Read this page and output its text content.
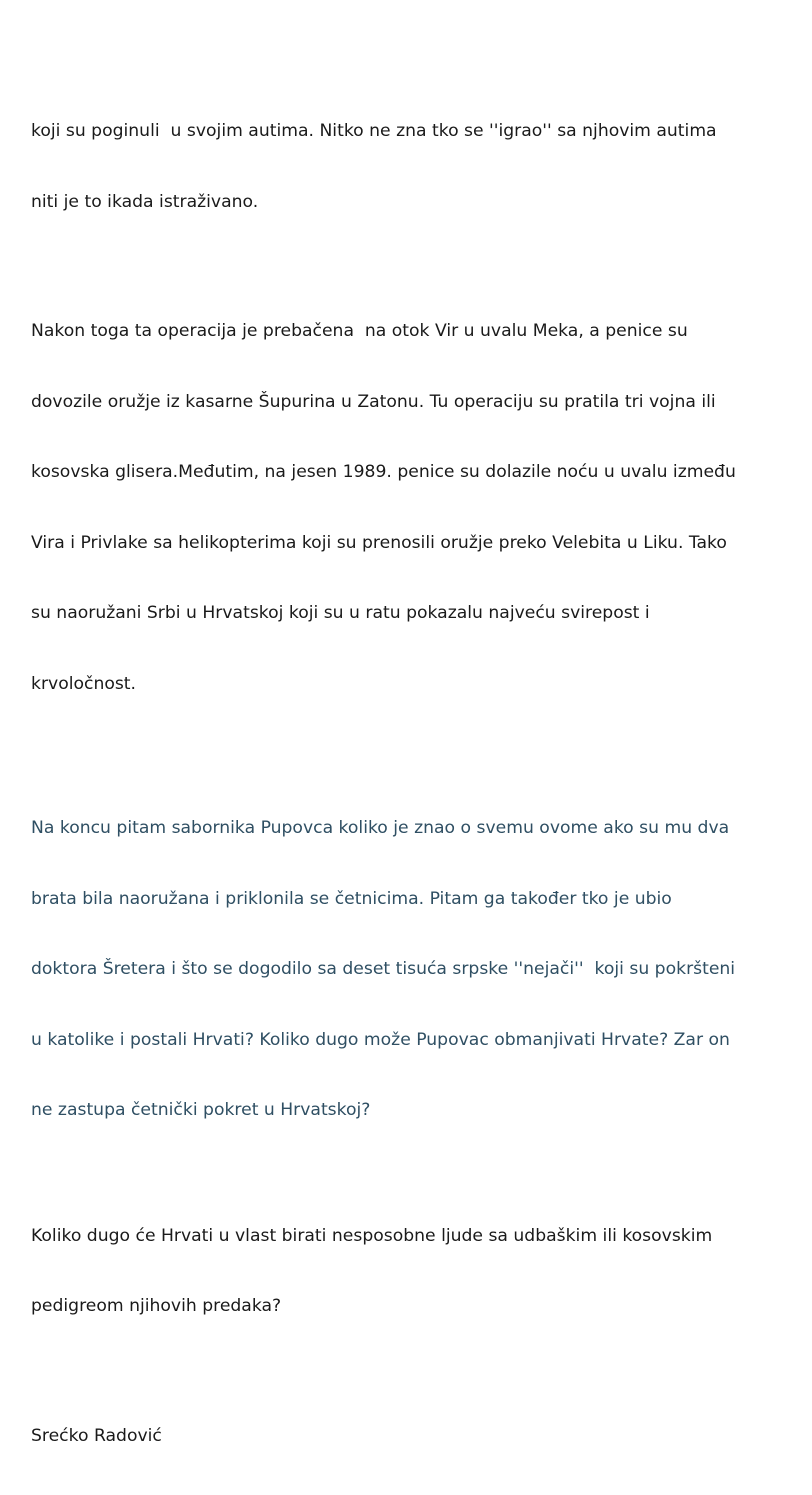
koji su poginuli  u svojim autima. Nitko ne zna tko se ''igrao'' sa njhovim autima

niti je to ikada istraživano.

Nakon toga ta operacija je prebačena  na otok Vir u uvalu Meka, a penice su

dovozile oružje iz kasarne Šupurina u Zatonu. Tu operaciju su pratila tri vojna ili

kosovska glisera.Međutim, na jesen 1989. penice su dolazile noću u uvalu između

Vira i Privlake sa helikopterima koji su prenosili oružje preko Velebita u Liku. Tako

su naoružani Srbi u Hrvatskoj koji su u ratu pokazalu najveću svirepost i

krvoločnost.

Na koncu pitam sabornika Pupovca koliko je znao o svemu ovome ako su mu dva

brata bila naoružana i priklonila se četnicima. Pitam ga također tko je ubio

doktora Šretera i što se dogodilo sa deset tisuća srpske ''nejači''  koji su pokršteni

u katolike i postali Hrvati? Koliko dugo može Pupovac obmanjivati Hrvate? Zar on

ne zastupa četnički pokret u Hrvatskoj?

Koliko dugo će Hrvati u vlast birati nesposobne ljude sa udbaškim ili kosovskim

pedigreom njihovih predaka?

Srećko Radović
